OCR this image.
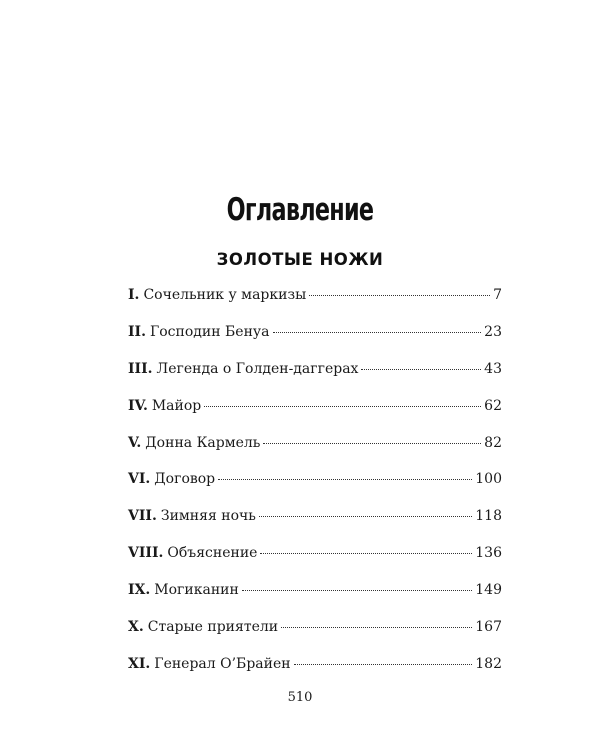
Оглавление
ЗОЛОТЫЕ НОЖИ
I. Сочельник у маркизы	7
II. Господин Бенуа	23
III. Легенда о Голден-даггерах	43
IV. Майор	62
V. Донна Кармель	82
VI. Договор	100
VII. Зимняя ночь	118
VIII. Объяснение	136
IX. Могиканин	149
X. Старые приятели	167
XI. Генерал О’Брайен	182
510
